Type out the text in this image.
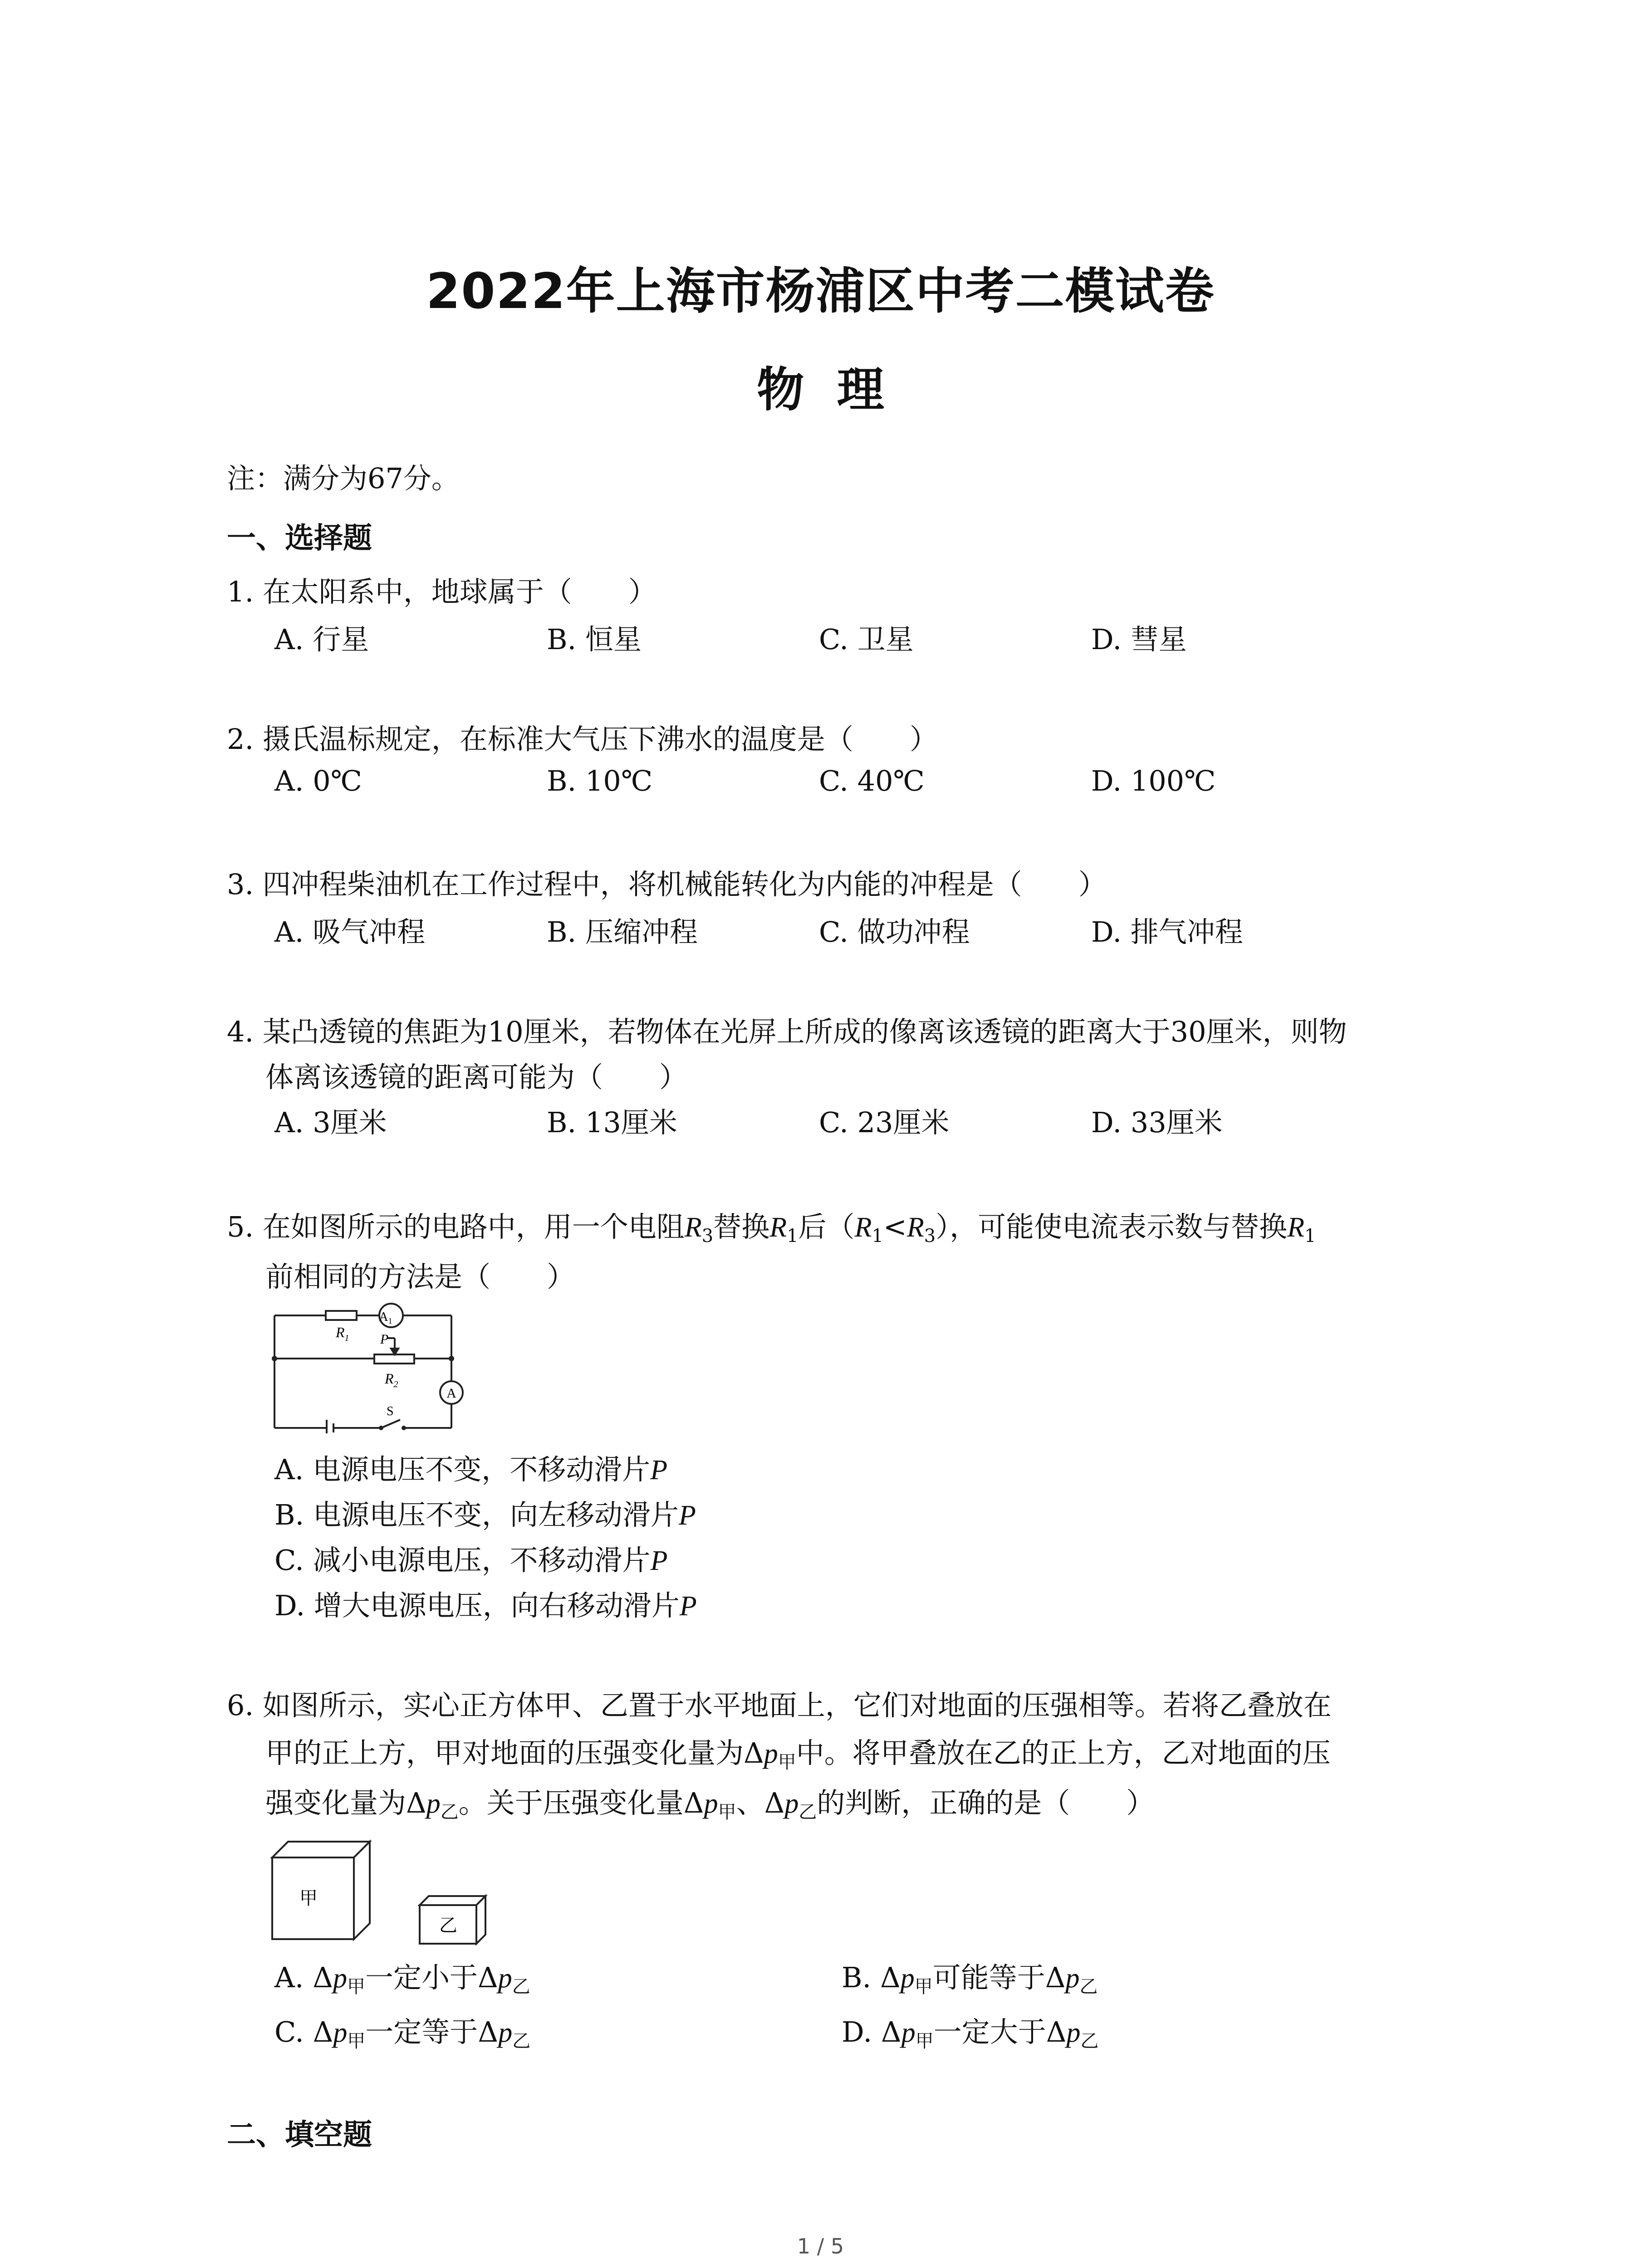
2022年上海市杨浦区中考二模试卷
物  理
注：满分为67分。
一、选择题
1. 在太阳系中，地球属于（　　）
A. 行星	B. 恒星	C. 卫星	D. 彗星
2. 摄氏温标规定，在标准大气压下沸水的温度是（　　）
A. 0℃	B. 10℃	C. 40℃	D. 100℃
3. 四冲程柴油机在工作过程中，将机械能转化为内能的冲程是（　　）
A. 吸气冲程	B. 压缩冲程	C. 做功冲程	D. 排气冲程
4. 某凸透镜的焦距为10厘米，若物体在光屏上所成的像离该透镜的距离大于30厘米，则物
体离该透镜的距离可能为（　　）
A. 3厘米	B. 13厘米	C. 23厘米	D. 33厘米
5. 在如图所示的电路中，用一个电阻$R_3$替换$R_1$后$(R_1<R_3)$，可能使电流表示数与替换$R_1$
前相同的方法是（　　）
$R_1$
$A_1$
P
$R_2$
A
S
A. 电源电压不变，不移动滑片P
B. 电源电压不变，向左移动滑片P
C. 减小电源电压，不移动滑片P
D. 增大电源电压，向右移动滑片P
6. 如图所示，实心正方体甲、乙置于水平地面上，它们对地面的压强相等。若将乙叠放在
甲的正上方，甲对地面的压强变化量为$\Delta p_甲$中。将甲叠放在乙的正上方，乙对地面的压
强变化量为$\Delta p_乙$。关于压强变化量$\Delta p_甲$、$\Delta p_乙$的判断，正确的是（　　）
甲
乙
A. $\Delta p_甲$一定小于$\Delta p_乙$	B. $\Delta p_甲$可能等于$\Delta p_乙$
C. $\Delta p_甲$一定等于$\Delta p_乙$	D. $\Delta p_甲$一定大于$\Delta p_乙$
二、填空题
1 / 5
